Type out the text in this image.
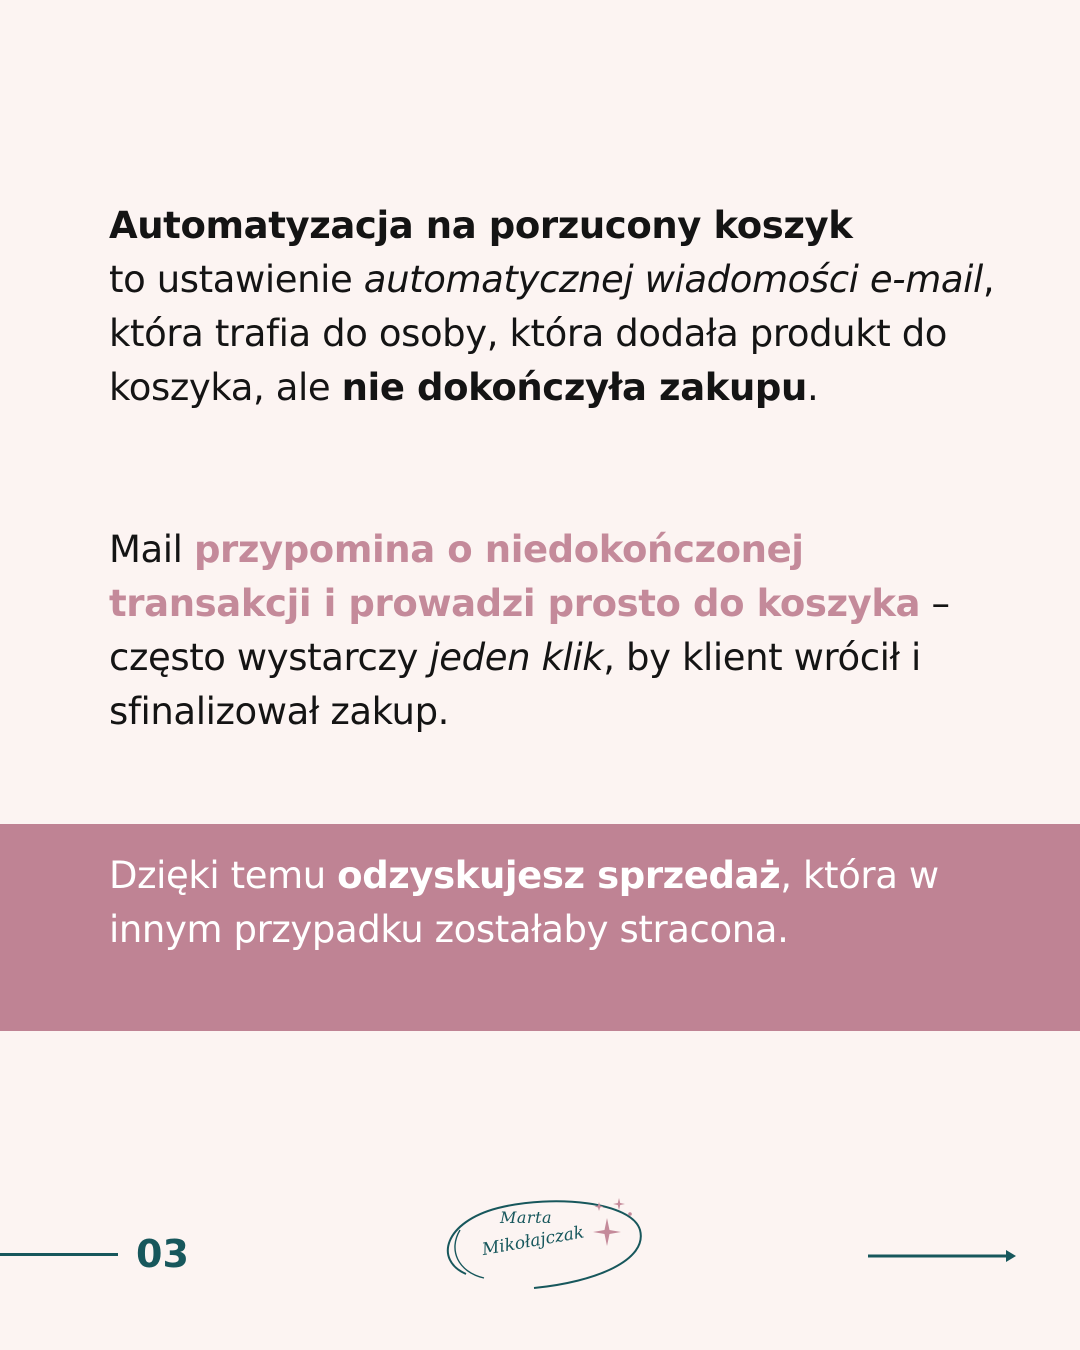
Automatyzacja na porzucony koszyk
to ustawienie automatycznej wiadomości e-mail, która trafia do osoby, która dodała produkt do koszyka, ale nie dokończyła zakupu.

Mail przypomina o niedokończonej transakcji i prowadzi prosto do koszyka – często wystarczy jeden klik, by klient wrócił i sfinalizował zakup.

Dzięki temu odzyskujesz sprzedaż, która w innym przypadku zostałaby stracona.

03
Marta
Mikołajczak
